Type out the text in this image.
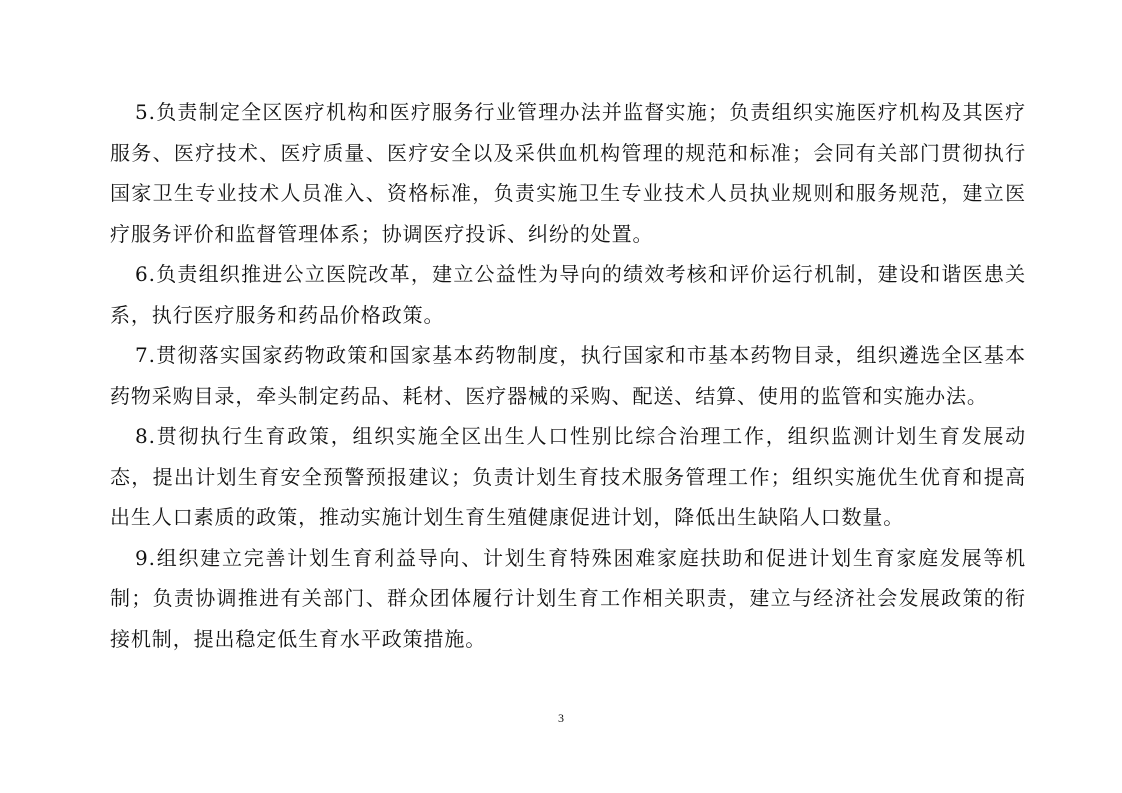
5.负责制定全区医疗机构和医疗服务行业管理办法并监督实施；负责组织实施医疗机构及其医疗服务、医疗技术、医疗质量、医疗安全以及采供血机构管理的规范和标准；会同有关部门贯彻执行国家卫生专业技术人员准入、资格标准，负责实施卫生专业技术人员执业规则和服务规范，建立医疗服务评价和监督管理体系；协调医疗投诉、纠纷的处置。

6.负责组织推进公立医院改革，建立公益性为导向的绩效考核和评价运行机制，建设和谐医患关系，执行医疗服务和药品价格政策。

7.贯彻落实国家药物政策和国家基本药物制度，执行国家和市基本药物目录，组织遴选全区基本药物采购目录，牵头制定药品、耗材、医疗器械的采购、配送、结算、使用的监管和实施办法。

8.贯彻执行生育政策，组织实施全区出生人口性别比综合治理工作，组织监测计划生育发展动态，提出计划生育安全预警预报建议；负责计划生育技术服务管理工作；组织实施优生优育和提高出生人口素质的政策，推动实施计划生育生殖健康促进计划，降低出生缺陷人口数量。

9.组织建立完善计划生育利益导向、计划生育特殊困难家庭扶助和促进计划生育家庭发展等机制；负责协调推进有关部门、群众团体履行计划生育工作相关职责，建立与经济社会发展政策的衔接机制，提出稳定低生育水平政策措施。

3
